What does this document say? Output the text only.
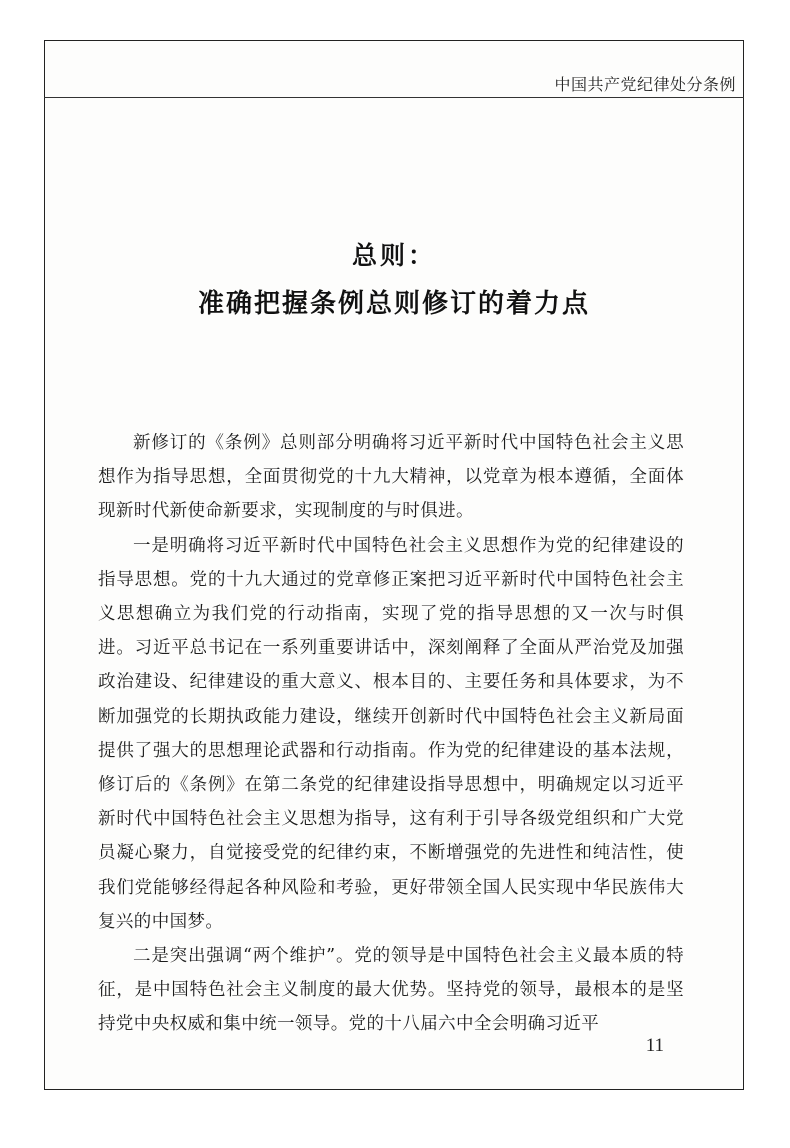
中国共产党纪律处分条例
总则：
准确把握条例总则修订的着力点

新修订的《条例》总则部分明确将习近平新时代中国特色社会主义思想作为指导思想，全面贯彻党的十九大精神，以党章为根本遵循，全面体现新时代新使命新要求，实现制度的与时俱进。

一是明确将习近平新时代中国特色社会主义思想作为党的纪律建设的指导思想。党的十九大通过的党章修正案把习近平新时代中国特色社会主义思想确立为我们党的行动指南，实现了党的指导思想的又一次与时俱进。习近平总书记在一系列重要讲话中，深刻阐释了全面从严治党及加强政治建设、纪律建设的重大意义、根本目的、主要任务和具体要求，为不断加强党的长期执政能力建设，继续开创新时代中国特色社会主义新局面提供了强大的思想理论武器和行动指南。作为党的纪律建设的基本法规，修订后的《条例》在第二条党的纪律建设指导思想中，明确规定以习近平新时代中国特色社会主义思想为指导，这有利于引导各级党组织和广大党员凝心聚力，自觉接受党的纪律约束，不断增强党的先进性和纯洁性，使我们党能够经得起各种风险和考验，更好带领全国人民实现中华民族伟大复兴的中国梦。

二是突出强调“两个维护”。党的领导是中国特色社会主义最本质的特征，是中国特色社会主义制度的最大优势。坚持党的领导，最根本的是坚持党中央权威和集中统一领导。党的十八届六中全会明确习近平

11
